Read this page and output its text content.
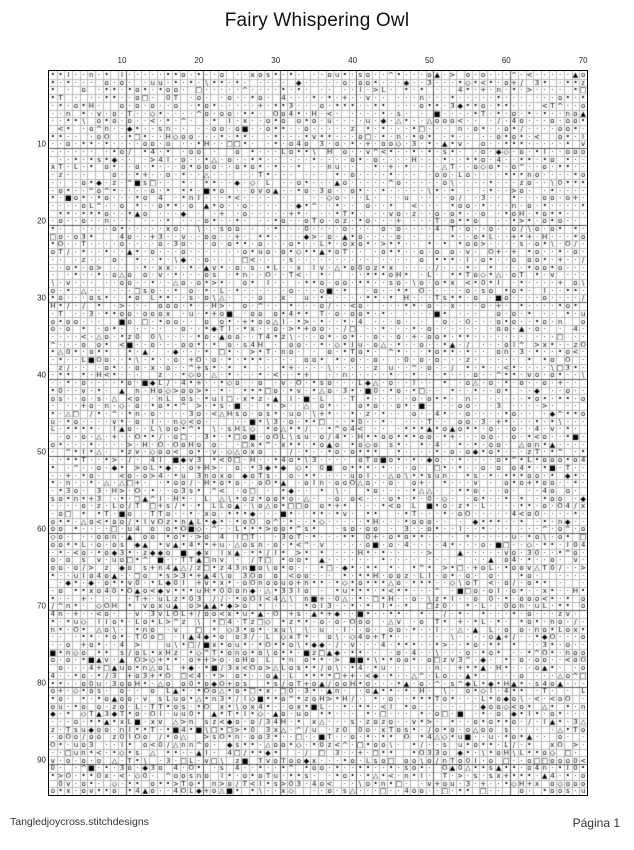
Fairy Whispering Owl
10	20	30	40	50	60	70
10
20
30
40
50
60
70
80
90
Tangledjoycross.stitchdesigns	Página 1
